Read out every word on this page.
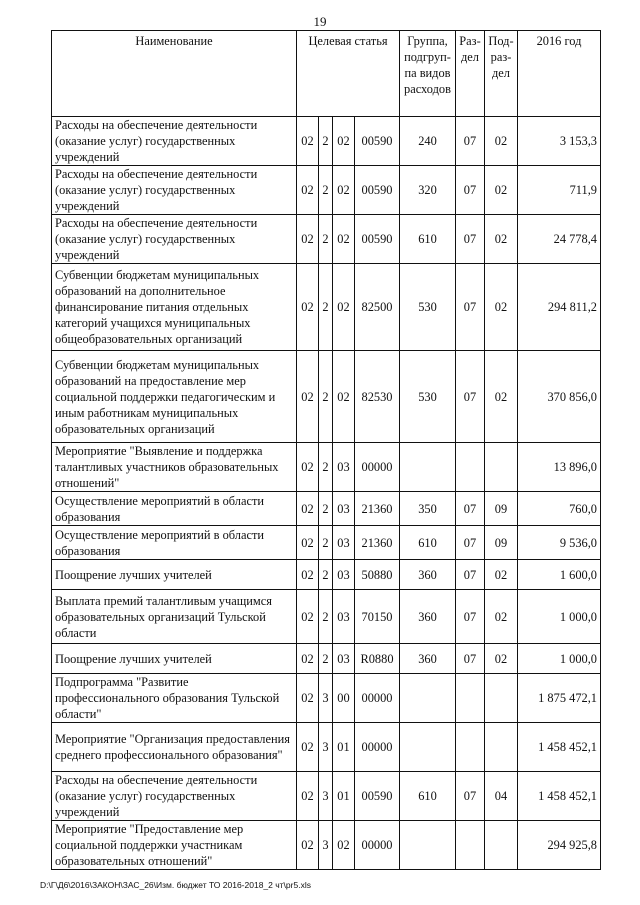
19
Наименование	Целевая статья				Группа, подгруп-па видов расходов	Раз-дел	Под-раз-дел	2016 год
Расходы на обеспечение деятельности (оказание услуг) государственных учреждений	02	2	02	00590	240	07	02	3 153,3
Расходы на обеспечение деятельности (оказание услуг) государственных учреждений	02	2	02	00590	320	07	02	711,9
Расходы на обеспечение деятельности (оказание услуг) государственных учреждений	02	2	02	00590	610	07	02	24 778,4
Субвенции бюджетам муниципальных образований на дополнительное финансирование питания отдельных категорий учащихся муниципальных общеобразовательных организаций	02	2	02	82500	530	07	02	294 811,2
Субвенции бюджетам муниципальных образований на предоставление мер социальной поддержки педагогическим и иным работникам муниципальных образовательных организаций	02	2	02	82530	530	07	02	370 856,0
Мероприятие "Выявление и поддержка талантливых участников образовательных отношений"	02	2	03	00000				13 896,0
Осуществление мероприятий в области образования	02	2	03	21360	350	07	09	760,0
Осуществление мероприятий в области образования	02	2	03	21360	610	07	09	9 536,0
Поощрение лучших учителей	02	2	03	50880	360	07	02	1 600,0
Выплата премий талантливым учащимся образовательных организаций Тульской области	02	2	03	70150	360	07	02	1 000,0
Поощрение лучших учителей	02	2	03	R0880	360	07	02	1 000,0
Подпрограмма "Развитие профессионального образования Тульской области"	02	3	00	00000				1 875 472,1
Мероприятие "Организация предоставления среднего профессионального образования"	02	3	01	00000				1 458 452,1
Расходы на обеспечение деятельности (оказание услуг) государственных учреждений	02	3	01	00590	610	07	04	1 458 452,1
Мероприятие "Предоставление мер социальной поддержки участникам образовательных отношений"	02	3	02	00000				294 925,8
D:\Г\Д6\2016\ЗАКОН\ЗАС_26\Изм. бюджет ТО 2016-2018_2 чт\pr5.xls
